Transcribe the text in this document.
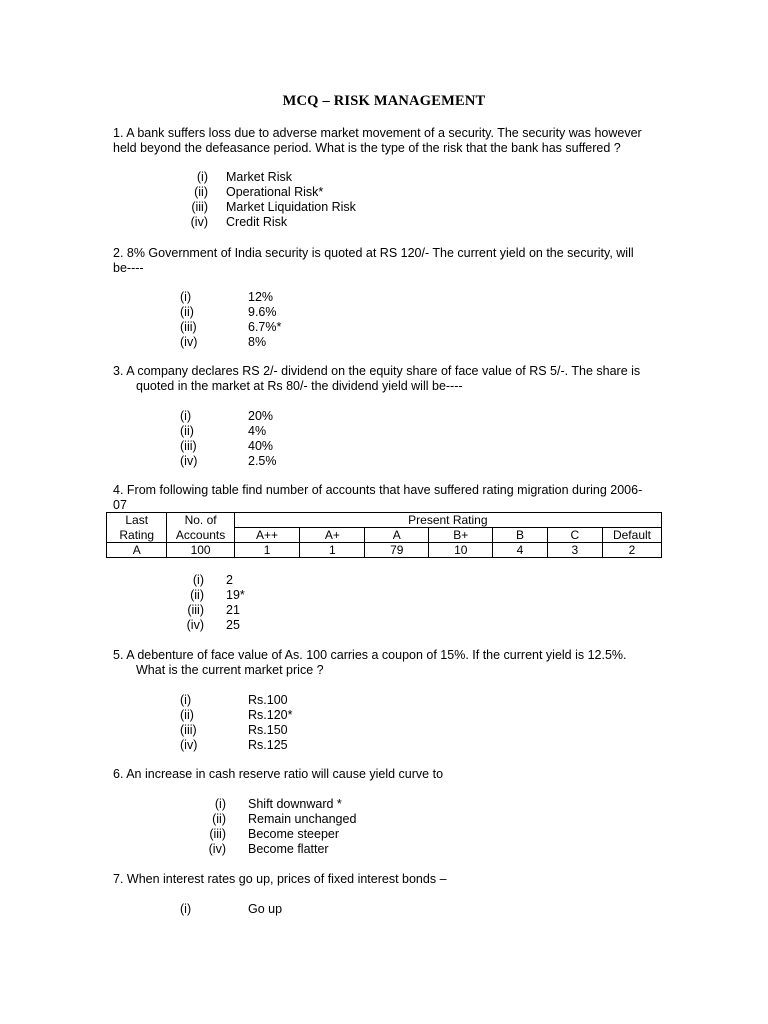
MCQ – RISK MANAGEMENT
1. A bank suffers loss due to adverse market movement of a security. The security was however
held beyond the defeasance period. What is the type of the risk that the bank has suffered ?
(i) Market Risk
(ii) Operational Risk*
(iii) Market Liquidation Risk
(iv) Credit Risk
2. 8% Government of India security is quoted at RS 120/- The current yield on the security, will
be----
(i)	12%
(ii)	9.6%
(iii)	6.7%*
(iv)	8%
3. A company declares RS 2/- dividend on the equity share of face value of RS 5/-. The share is
quoted in the market at Rs 80/- the dividend yield will be----
(i)	20%
(ii)	4%
(iii)	40%
(iv)	2.5%
4. From following table find number of accounts that have suffered rating migration during 2006-
07
Last	No. of	Present Rating						
Rating	Accounts	A++	A+	A	B+	B	C	Default
A	100	1	1	79	10	4	3	2
(i) 2
(ii) 19*
(iii) 21
(iv) 25
5. A debenture of face value of As. 100 carries a coupon of 15%. If the current yield is 12.5%.
What is the current market price ?
(i)	Rs.100
(ii)	Rs.120*
(iii)	Rs.150
(iv)	Rs.125
6. An increase in cash reserve ratio will cause yield curve to
(i) Shift downward *
(ii) Remain unchanged
(iii) Become steeper
(iv) Become flatter
7. When interest rates go up, prices of fixed interest bonds –
(i)	Go up
